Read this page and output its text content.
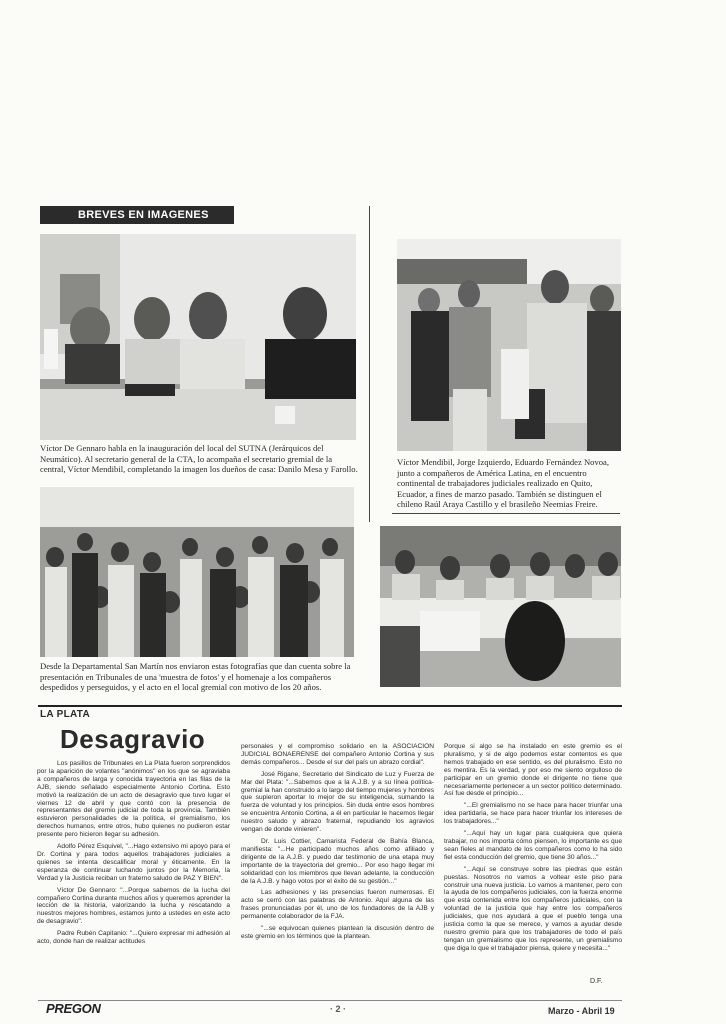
BREVES EN IMAGENES
Víctor De Gennaro habla en la inauguración del local del SUTNA (Jerárquicos del Neumático). Al secretario general de la CTA, lo acompaña el secretario gremial de la central, Víctor Mendibil, completando la imagen los dueños de casa: Danilo Mesa y Farollo.
Víctor Mendibil, Jorge Izquierdo, Eduardo Fernández Novoa, junto a compañeros de América Latina, en el encuentro continental de trabajadores judiciales realizado en Quito, Ecuador, a fines de marzo pasado. También se distinguen el chileno Raúl Araya Castillo y el brasileño Neemias Freire.
Desde la Departamental San Martín nos enviaron estas fotografías que dan cuenta sobre la presentación en Tribunales de una 'muestra de fotos' y el homenaje a los compañeros despedidos y perseguidos, y el acto en el local gremial con motivo de los 20 años.
LA PLATA
Desagravio

Los pasillos de Tribunales en La Plata fueron sorprendidos por la aparición de volantes "anónimos" en los que se agraviaba a compañeros de larga y conocida trayectoria en las filas de la AJB, siendo señalado especialmente Antonio Cortina. Esto motivó la realización de un acto de desagravio que tuvo lugar el viernes 12 de abril y que contó con la presencia de representantes del gremio judicial de toda la provincia. También estuvieron personalidades de la política, el gremialismo, los derechos humanos, entre otros, hubo quienes no pudieron estar presente pero hicieron llegar su adhesión.

Adolfo Pérez Esquivel, "...Hago extensivo mi apoyo para el Dr. Cortina y para todos aquellos trabajadores judiciales a quienes se intenta descalificar moral y éticamente. En la esperanza de continuar luchando juntos por la Memoria, la Verdad y la Justicia reciban un fraterno saludo de PAZ Y BIEN".

Víctor De Gennaro: "...Porque sabemos de la lucha del compañero Cortina durante muchos años y queremos aprender la lección de la historia, valorizando la lucha y rescatando a nuestros mejores hombres, estamos junto a ustedes en este acto de desagravio".

Padre Rubén Capitanio: "...Quiero expresar mi adhesión al acto, donde han de realizar actitudes

personales y el compromiso solidario en la ASOCIACION JUDICIAL BONAERENSE del compañero Antonio Cortina y sus demás compañeros... Desde el sur del país un abrazo cordial".

José Rigane, Secretario del Sindicato de Luz y Fuerza de Mar del Plata: "...Sabemos que a la A.J.B. y a su línea política-gremial la han construido a lo largo del tiempo mujeres y hombres que supieron aportar lo mejor de su inteligencia, sumando la fuerza de voluntad y los principios. Sin duda entre esos hombres se encuentra Antonio Cortina, a él en particular le hacemos llegar nuestro saludo y abrazo fraternal, repudiando los agravios vengan de donde vinieren".

Dr. Luis Cottier, Camarista Federal de Bahía Blanca, manifiesta: "...He participado muchos años como afiliado y dirigente de la A.J.B. y puedo dar testimonio de una etapa muy importante de la trayectoria del gremio... Por eso hago llegar mi solidaridad con los miembros que llevan adelante, la conducción de la A.J.B. y hago votos por el éxito de su gestión..."

Las adhesiones y las presencias fueron numerosas. El acto se cerró con las palabras de Antonio. Aquí alguna de las frases pronunciadas por él, uno de los fundadores de la AJB y permanente colaborador de la FJA.

"...se equivocan quienes plantean la discusión dentro de este gremio en los términos que la plantean.

Porque si algo se ha instalado en este gremio es el pluralismo, y si de algo podemos estar contentos es que hemos trabajado en ese sentido, es del pluralismo. Esto no es mentira. Es la verdad, y por eso me siento orgulloso de participar en un gremio donde el dirigente no tiene que necesariamente pertenecer a un sector político determinado. Así fue desde el principio...

"...El gremialismo no se hace para hacer triunfar una idea partidaria, se hace para hacer triunfar los intereses de los trabajadores..."

"...Aquí hay un lugar para cualquiera que quiera trabajar, no nos importa cómo piensen, lo importante es que sean fieles al mandato de los compañeros como lo ha sido fiel esta conducción del gremio, que tiene 30 años..."

"...Aquí se construye sobre las piedras que están puestas. Nosotros no vamos a voltear este piso para construir una nueva justicia. Lo vamos a mantener, pero con la ayuda de los compañeros judiciales, con la fuerza enorme que está contenida entre los compañeros judiciales, con la voluntad de la justicia que hay entre los compañeros judiciales, que nos ayudará a que el pueblo tenga una justicia como la que se merece, y vamos a ayudar desde nuestro gremio para que los trabajadores de todo el país tengan un gremialismo que los represente, un gremialismo que diga lo que el trabajador piensa, quiere y necesita..."

D.F.
PREGON	· 2 ·	Marzo - Abril 19
